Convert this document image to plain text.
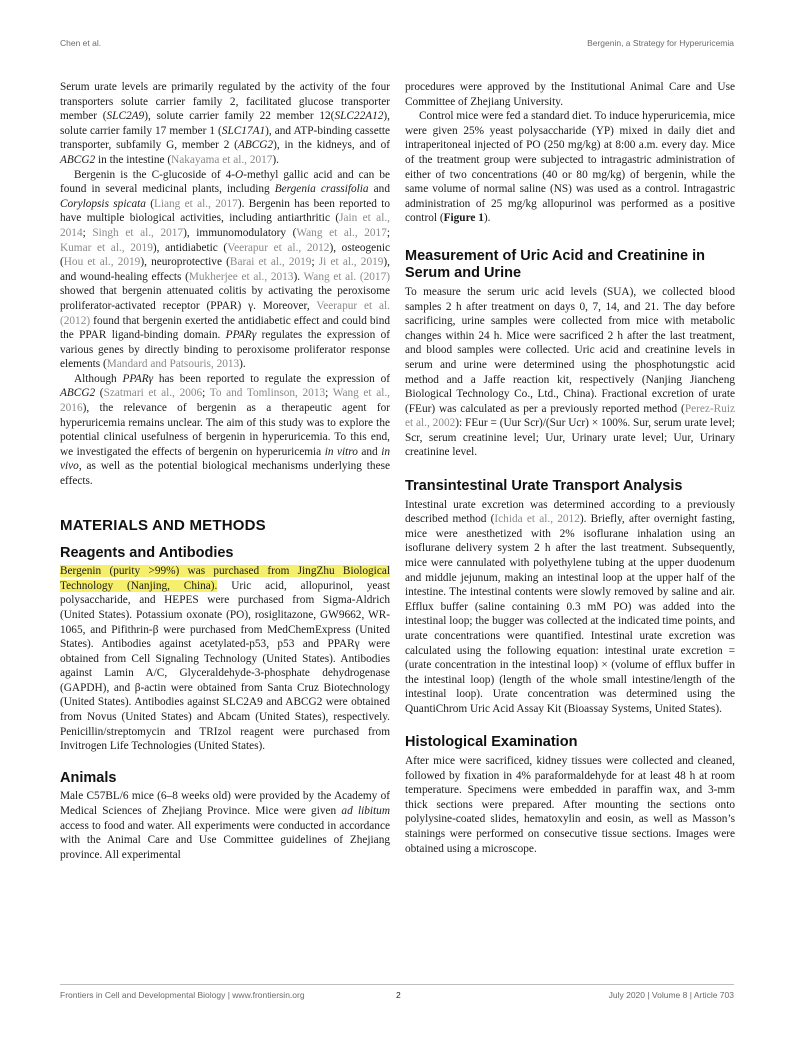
Chen et al.	Bergenin, a Strategy for Hyperuricemia

Serum urate levels are primarily regulated by the activity of the four transporters solute carrier family 2, facilitated glucose transporter member (SLC2A9), solute carrier family 22 member 12(SLC22A12), solute carrier family 17 member 1 (SLC17A1), and ATP-binding cassette transporter, subfamily G, member 2 (ABCG2), in the kidneys, and of ABCG2 in the intestine (Nakayama et al., 2017).

Bergenin is the C-glucoside of 4-O-methyl gallic acid and can be found in several medicinal plants, including Bergenia crassifolia and Corylopsis spicata (Liang et al., 2017). Bergenin has been reported to have multiple biological activities, including antiarthritic (Jain et al., 2014; Singh et al., 2017), immunomodulatory (Wang et al., 2017; Kumar et al., 2019), antidiabetic (Veerapur et al., 2012), osteogenic (Hou et al., 2019), neuroprotective (Barai et al., 2019; Ji et al., 2019), and wound-healing effects (Mukherjee et al., 2013). Wang et al. (2017) showed that bergenin attenuated colitis by activating the peroxisome proliferator-activated receptor (PPAR) γ. Moreover, Veerapur et al. (2012) found that bergenin exerted the antidiabetic effect and could bind the PPAR ligand-binding domain. PPARγ regulates the expression of various genes by directly binding to peroxisome proliferator response elements (Mandard and Patsouris, 2013).

Although PPARγ has been reported to regulate the expression of ABCG2 (Szatmari et al., 2006; To and Tomlinson, 2013; Wang et al., 2016), the relevance of bergenin as a therapeutic agent for hyperuricemia remains unclear. The aim of this study was to explore the potential clinical usefulness of bergenin in hyperuricemia. To this end, we investigated the effects of bergenin on hyperuricemia in vitro and in vivo, as well as the potential biological mechanisms underlying these effects.

MATERIALS AND METHODS
Reagents and Antibodies

Bergenin (purity >99%) was purchased from JingZhu Biological Technology (Nanjing, China). Uric acid, allopurinol, yeast polysaccharide, and HEPES were purchased from Sigma-Aldrich (United States). Potassium oxonate (PO), rosiglitazone, GW9662, WR-1065, and Pifithrin-β were purchased from MedChemExpress (United States). Antibodies against acetylated-p53, p53 and PPARγ were obtained from Cell Signaling Technology (United States). Antibodies against Lamin A/C, Glyceraldehyde-3-phosphate dehydrogenase (GAPDH), and β-actin were obtained from Santa Cruz Biotechnology (United States). Antibodies against SLC2A9 and ABCG2 were obtained from Novus (United States) and Abcam (United States), respectively. Penicillin/streptomycin and TRIzol reagent were purchased from Invitrogen Life Technologies (United States).

Animals

Male C57BL/6 mice (6–8 weeks old) were provided by the Academy of Medical Sciences of Zhejiang Province. Mice were given ad libitum access to food and water. All experiments were conducted in accordance with the Animal Care and Use Committee guidelines of Zhejiang province. All experimental

procedures were approved by the Institutional Animal Care and Use Committee of Zhejiang University.

Control mice were fed a standard diet. To induce hyperuricemia, mice were given 25% yeast polysaccharide (YP) mixed in daily diet and intraperitoneal injected of PO (250 mg/kg) at 8:00 a.m. every day. Mice of the treatment group were subjected to intragastric administration of either of two concentrations (40 or 80 mg/kg) of bergenin, while the same volume of normal saline (NS) was used as a control. Intragastric administration of 25 mg/kg allopurinol was performed as a positive control (Figure 1).

Measurement of Uric Acid and Creatinine in Serum and Urine

To measure the serum uric acid levels (SUA), we collected blood samples 2 h after treatment on days 0, 7, 14, and 21. The day before sacrificing, urine samples were collected from mice with metabolic changes within 24 h. Mice were sacrificed 2 h after the last treatment, and blood samples were collected. Uric acid and creatinine levels in serum and urine were determined using the phosphotungstic acid method and a Jaffe reaction kit, respectively (Nanjing Jiancheng Biological Technology Co., Ltd., China). Fractional excretion of urate (FEur) was calculated as per a previously reported method (Perez-Ruiz et al., 2002): FEur = (Uur Scr)/(Sur Ucr) × 100%. Sur, serum urate level; Scr, serum creatinine level; Uur, Urinary urate level; Uur, Urinary creatinine level.

Transintestinal Urate Transport Analysis

Intestinal urate excretion was determined according to a previously described method (Ichida et al., 2012). Briefly, after overnight fasting, mice were anesthetized with 2% isoflurane inhalation using an isoflurane delivery system 2 h after the last treatment. Subsequently, mice were cannulated with polyethylene tubing at the upper duodenum and middle jejunum, making an intestinal loop at the upper half of the intestine. The intestinal contents were slowly removed by saline and air. Efflux buffer (saline containing 0.3 mM PO) was added into the intestinal loop; the bugger was collected at the indicated time points, and urate concentrations were quantified. Intestinal urate excretion was calculated using the following equation: intestinal urate excretion = (urate concentration in the intestinal loop) × (volume of efflux buffer in the intestinal loop) (length of the whole small intestine/length of the intestinal loop). Urate concentration was determined using the QuantiChrom Uric Acid Assay Kit (Bioassay Systems, United States).

Histological Examination

After mice were sacrificed, kidney tissues were collected and cleaned, followed by fixation in 4% paraformaldehyde for at least 48 h at room temperature. Specimens were embedded in paraffin wax, and 3-mm thick sections were prepared. After mounting the sections onto polylysine-coated slides, hematoxylin and eosin, as well as Masson’s stainings were performed on consecutive tissue sections. Images were obtained using a microscope.

Frontiers in Cell and Developmental Biology | www.frontiersin.org	2	July 2020 | Volume 8 | Article 703
